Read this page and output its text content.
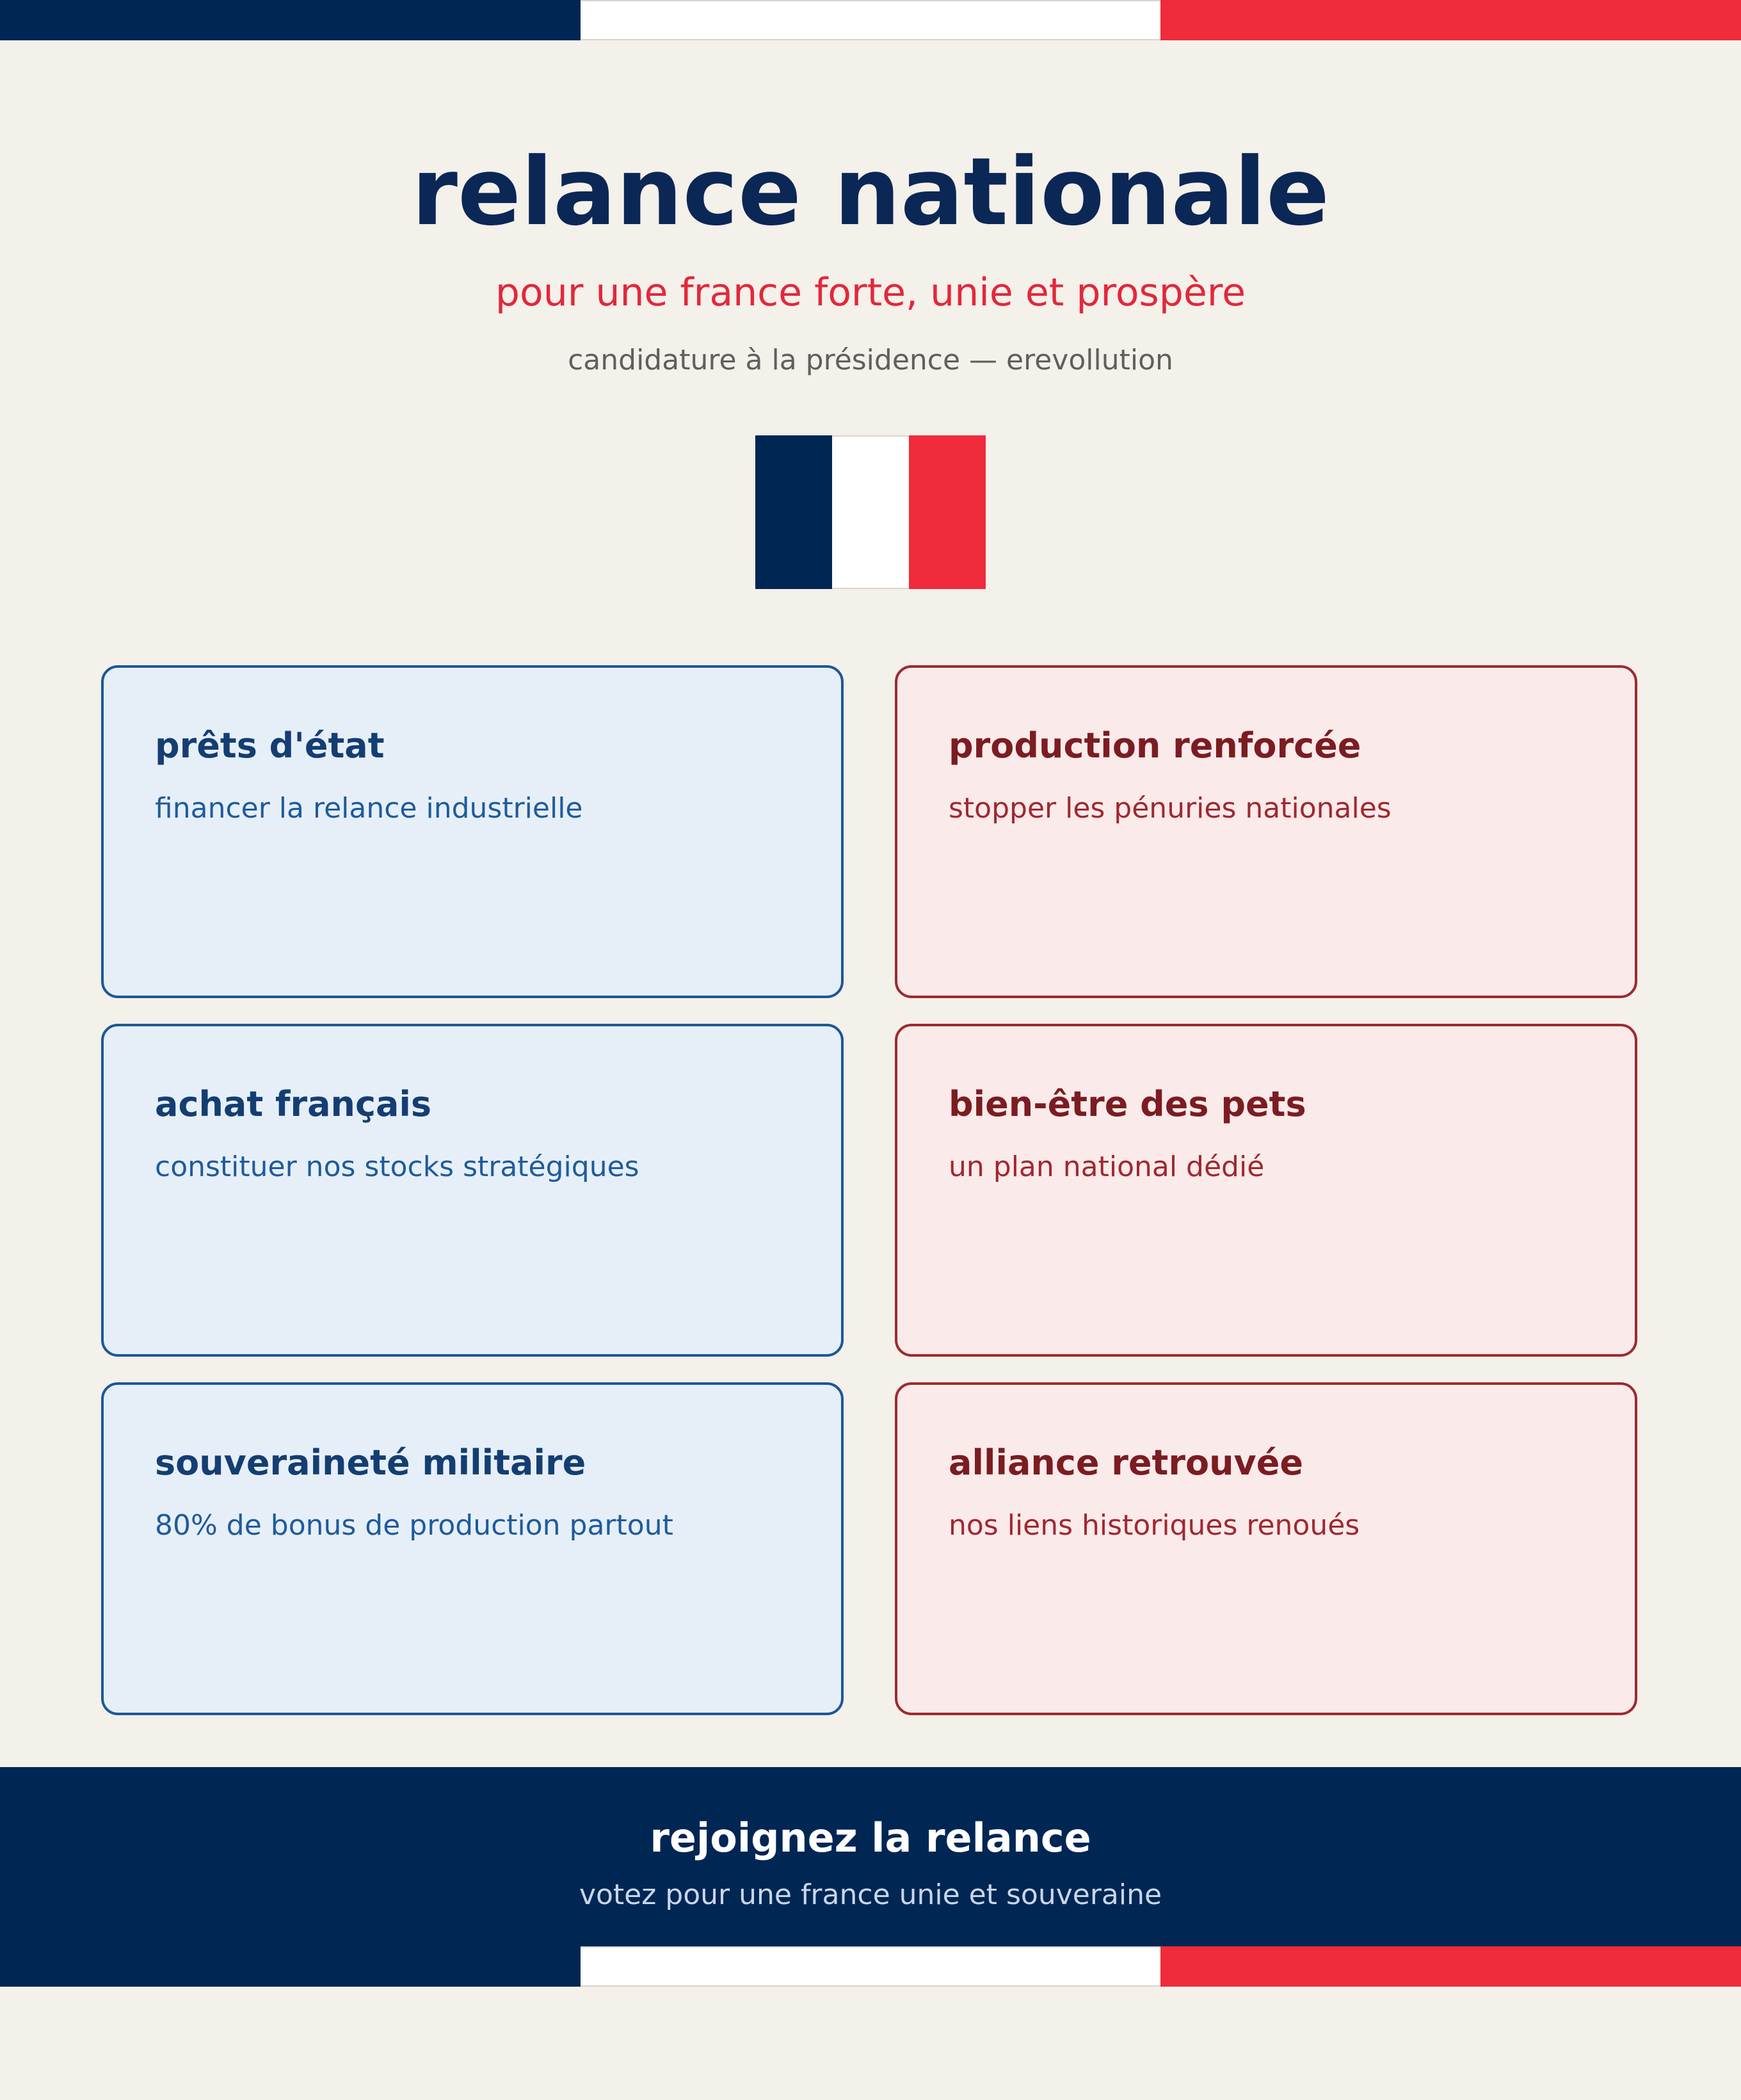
relance nationale
pour une france forte, unie et prospère
candidature à la présidence — erevollution
prêts d'état
financer la relance industrielle
production renforcée
stopper les pénuries nationales
achat français
constituer nos stocks stratégiques
bien-être des pets
un plan national dédié
souveraineté militaire
80% de bonus de production partout
alliance retrouvée
nos liens historiques renoués
rejoignez la relance
votez pour une france unie et souveraine
